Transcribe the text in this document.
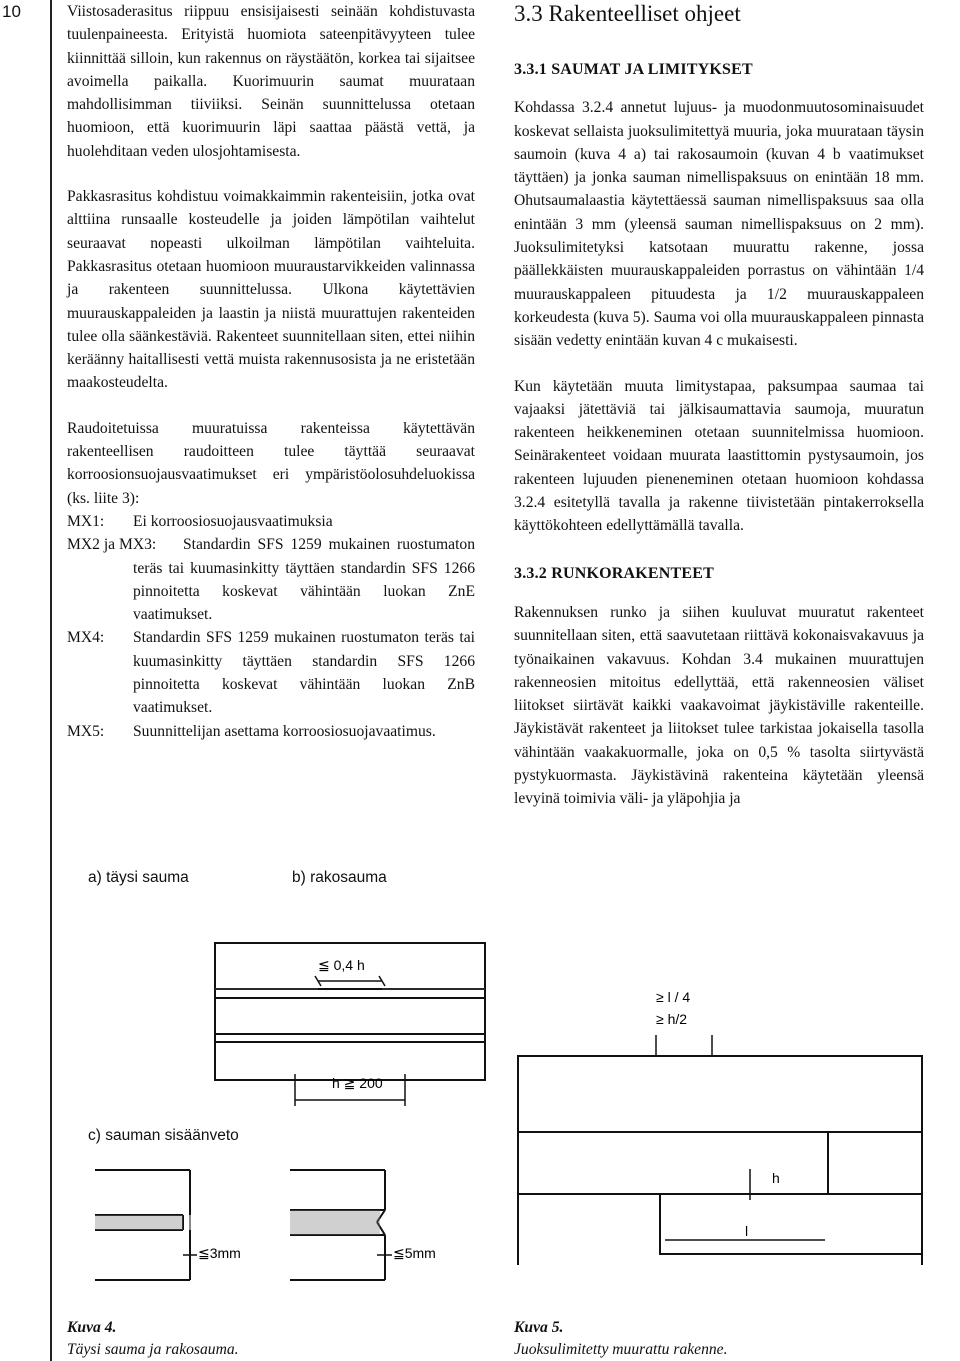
10	Viistosaderasitus riippuu ensisijaisesti seinään kohdistuvasta tuulenpaineesta. Erityistä huomiota sateenpitävyyteen tulee kiinnittää silloin, kun rakennus on räystäätön, korkea tai sijaitsee avoimella paikalla. Kuorimuurin saumat muurataan mahdollisimman tiiviiksi. Seinän suunnittelussa otetaan huomioon, että kuorimuurin läpi saattaa päästä vettä, ja huolehditaan veden ulosjohtamisesta.

Pakkasrasitus kohdistuu voimakkaimmin rakenteisiin, jotka ovat alttiina runsaalle kosteudelle ja joiden lämpötilan vaihtelut seuraavat nopeasti ulkoilman lämpötilan vaihteluita. Pakkasrasitus otetaan huomioon muuraustarvikkeiden valinnassa ja rakenteen suunnittelussa. Ulkona käytettävien muurauskappaleiden ja laastin ja niistä muurattujen rakenteiden tulee olla säänkestäviä. Rakenteet suunnitellaan siten, ettei niihin keräänny haitallisesti vettä muista rakennusosista ja ne eristetään maakosteudelta.

Raudoitetuissa muuratuissa rakenteissa käytettävän rakenteellisen raudoitteen tulee täyttää seuraavat korroosionsuojausvaatimukset eri ympäristöolosuhdeluokissa (ks. liite 3):

MX1:	Ei korroosiosuojausvaatimuksia
MX2 ja MX3:	Standardin SFS 1259 mukainen ruostumaton teräs tai kuumasinkitty täyttäen standardin SFS 1266 pinnoitetta koskevat vähintään luokan ZnE vaatimukset.
MX4:	Standardin SFS 1259 mukainen ruostumaton teräs tai kuumasinkitty täyttäen standardin SFS 1266 pinnoitetta koskevat vähintään luokan ZnB vaatimukset.
MX5:	Suunnittelijan asettama korroosiosuojavaatimus.
3.3 Rakenteelliset ohjeet

3.3.1 SAUMAT JA LIMITYKSET

Kohdassa 3.2.4 annetut lujuus- ja muodonmuutosominaisuudet koskevat sellaista juoksulimitettyä muuria, joka muurataan täysin saumoin (kuva 4 a) tai rakosaumoin (kuvan 4 b vaatimukset täyttäen) ja jonka sauman nimellispaksuus on enintään 18 mm. Ohutsaumalaastia käytettäessä sauman nimellispaksuus saa olla enintään 3 mm (yleensä sauman nimellispaksuus on 2 mm). Juoksulimitetyksi katsotaan muurattu rakenne, jossa päällekkäisten muurauskappaleiden porrastus on vähintään 1/4 muurauskappaleen pituudesta ja 1/2 muurauskappaleen korkeudesta (kuva 5). Sauma voi olla muurauskappaleen pinnasta sisään vedetty enintään kuvan 4 c mukaisesti.

Kun käytetään muuta limitystapaa, paksumpaa saumaa tai vajaaksi jätettäviä tai jälkisaumattavia saumoja, muuratun rakenteen heikkeneminen otetaan suunnitelmissa huomioon. Seinärakenteet voidaan muurata laastittomin pystysaumoin, jos rakenteen lujuuden pieneneminen otetaan huomioon kohdassa 3.2.4 esitetyllä tavalla ja rakenne tiivistetään pintakerroksella käyttökohteen edellyttämällä tavalla.

3.3.2 RUNKORAKENTEET

Rakennuksen runko ja siihen kuuluvat muuratut rakenteet suunnitellaan siten, että saavutetaan riittävä kokonaisvakavuus ja työnaikainen vakavuus. Kohdan 3.4 mukainen muurattujen rakenneosien mitoitus edellyttää, että rakenneosien väliset liitokset siirtävät kaikki vaakavoimat jäykistäville rakenteille. Jäykistävät rakenteet ja liitokset tulee tarkistaa jokaisella tasolla vähintään vaakakuormalle, joka on 0,5 % tasolta siirtyvästä pystykuormasta. Jäykistävinä rakenteina käytetään yleensä levyinä toimivia väli- ja yläpohjia ja

a) täysi sauma	b) rakosauma
c) sauman sisäänveto
≦ 0,4 h
h ≧ 200
≦3mm	≦5mm
≥ l / 4
≥ h/2
h
l
Kuva 4.
Täysi sauma ja rakosauma.
Kuva 5.
Juoksulimitetty muurattu rakenne.
